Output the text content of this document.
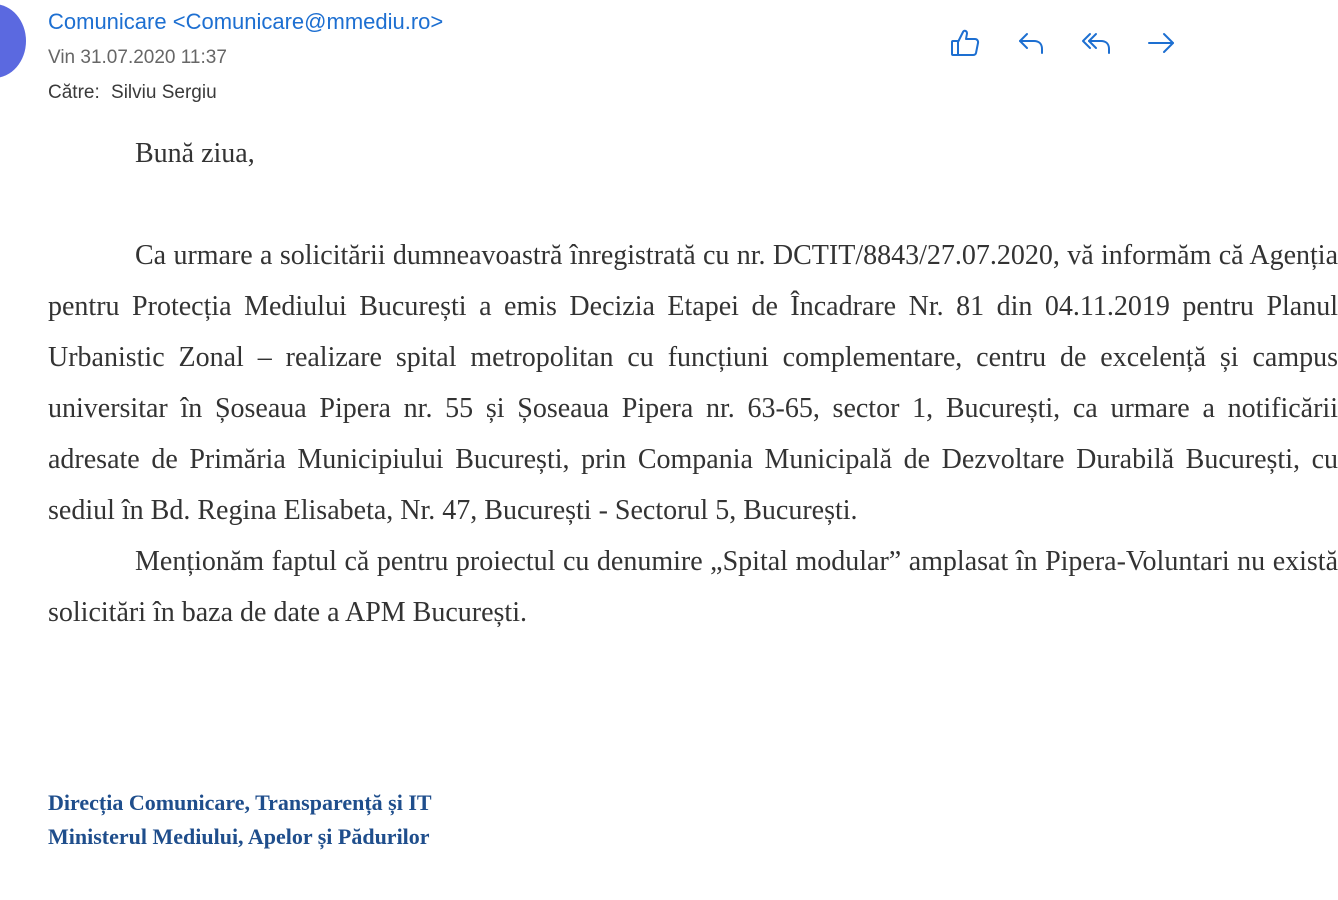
Comunicare <Comunicare@mmediu.ro>
Vin 31.07.2020 11:37
Către: Silviu Sergiu

Bună ziua,

Ca urmare a solicitării dumneavoastră înregistrată cu nr. DCTIT/8843/27.07.2020, vă informăm că Agenția pentru Protecția Mediului București a emis Decizia Etapei de Încadrare Nr. 81 din 04.11.2019 pentru Planul Urbanistic Zonal – realizare spital metropolitan cu funcțiuni complementare, centru de excelență și campus universitar în Șoseaua Pipera nr. 55 și Șoseaua Pipera nr. 63-65, sector 1, București, ca urmare a notificării adresate de Primăria Municipiului București, prin Compania Municipală de Dezvoltare Durabilă București, cu sediul în Bd. Regina Elisabeta, Nr. 47, București - Sectorul 5, București.

Menționăm faptul că pentru proiectul cu denumire „Spital modular” amplasat în Pipera-Voluntari nu există solicitări în baza de date a APM București.

Direcția Comunicare, Transparență și IT
Ministerul Mediului, Apelor și Pădurilor
